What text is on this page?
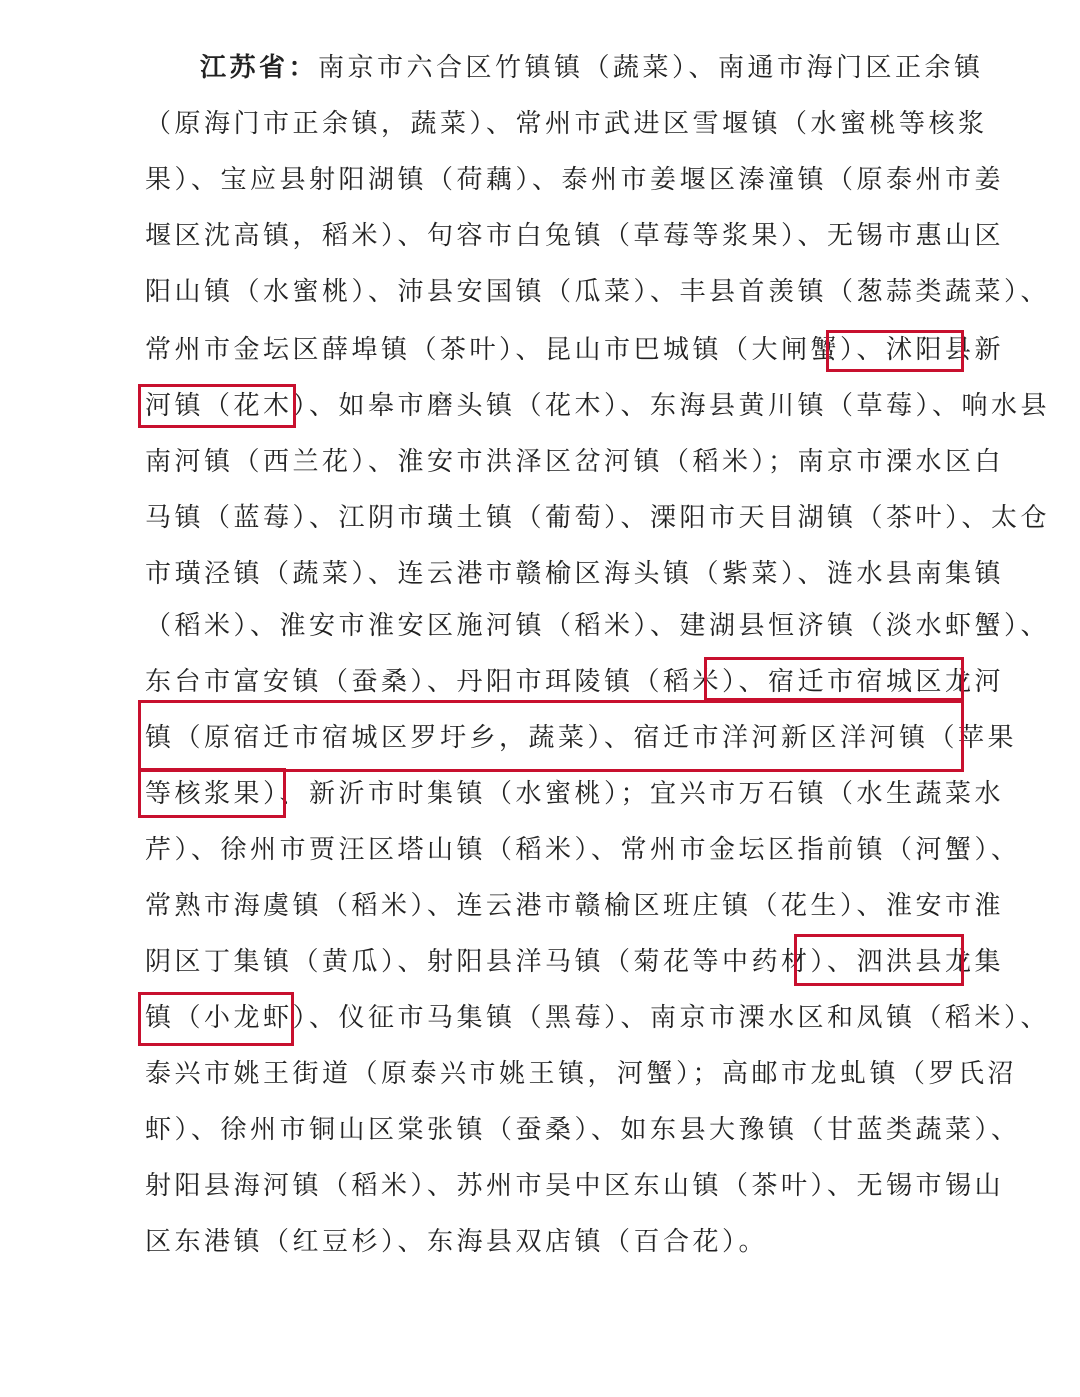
江苏省：南京市六合区竹镇镇（蔬菜）、南通市海门区正余镇
（原海门市正余镇，蔬菜）、常州市武进区雪堰镇（水蜜桃等核浆
果）、宝应县射阳湖镇（荷藕）、泰州市姜堰区溱潼镇（原泰州市姜
堰区沈高镇，稻米）、句容市白兔镇（草莓等浆果）、无锡市惠山区
阳山镇（水蜜桃）、沛县安国镇（瓜菜）、丰县首羡镇（葱蒜类蔬菜）、
常州市金坛区薛埠镇（茶叶）、昆山市巴城镇（大闸蟹）、沭阳县新
河镇（花木）、如皋市磨头镇（花木）、东海县黄川镇（草莓）、响水县
南河镇（西兰花）、淮安市洪泽区岔河镇（稻米）；南京市溧水区白
马镇（蓝莓）、江阴市璜土镇（葡萄）、溧阳市天目湖镇（茶叶）、太仓
市璜泾镇（蔬菜）、连云港市赣榆区海头镇（紫菜）、涟水县南集镇
（稻米）、淮安市淮安区施河镇（稻米）、建湖县恒济镇（淡水虾蟹）、
东台市富安镇（蚕桑）、丹阳市珥陵镇（稻米）、宿迁市宿城区龙河
镇（原宿迁市宿城区罗圩乡，蔬菜）、宿迁市洋河新区洋河镇（苹果
等核浆果）、新沂市时集镇（水蜜桃）；宜兴市万石镇（水生蔬菜水
芹）、徐州市贾汪区塔山镇（稻米）、常州市金坛区指前镇（河蟹）、
常熟市海虞镇（稻米）、连云港市赣榆区班庄镇（花生）、淮安市淮
阴区丁集镇（黄瓜）、射阳县洋马镇（菊花等中药材）、泗洪县龙集
镇（小龙虾）、仪征市马集镇（黑莓）、南京市溧水区和凤镇（稻米）、
泰兴市姚王街道（原泰兴市姚王镇，河蟹）；高邮市龙虬镇（罗氏沼
虾）、徐州市铜山区棠张镇（蚕桑）、如东县大豫镇（甘蓝类蔬菜）、
射阳县海河镇（稻米）、苏州市吴中区东山镇（茶叶）、无锡市锡山
区东港镇（红豆杉）、东海县双店镇（百合花）。
